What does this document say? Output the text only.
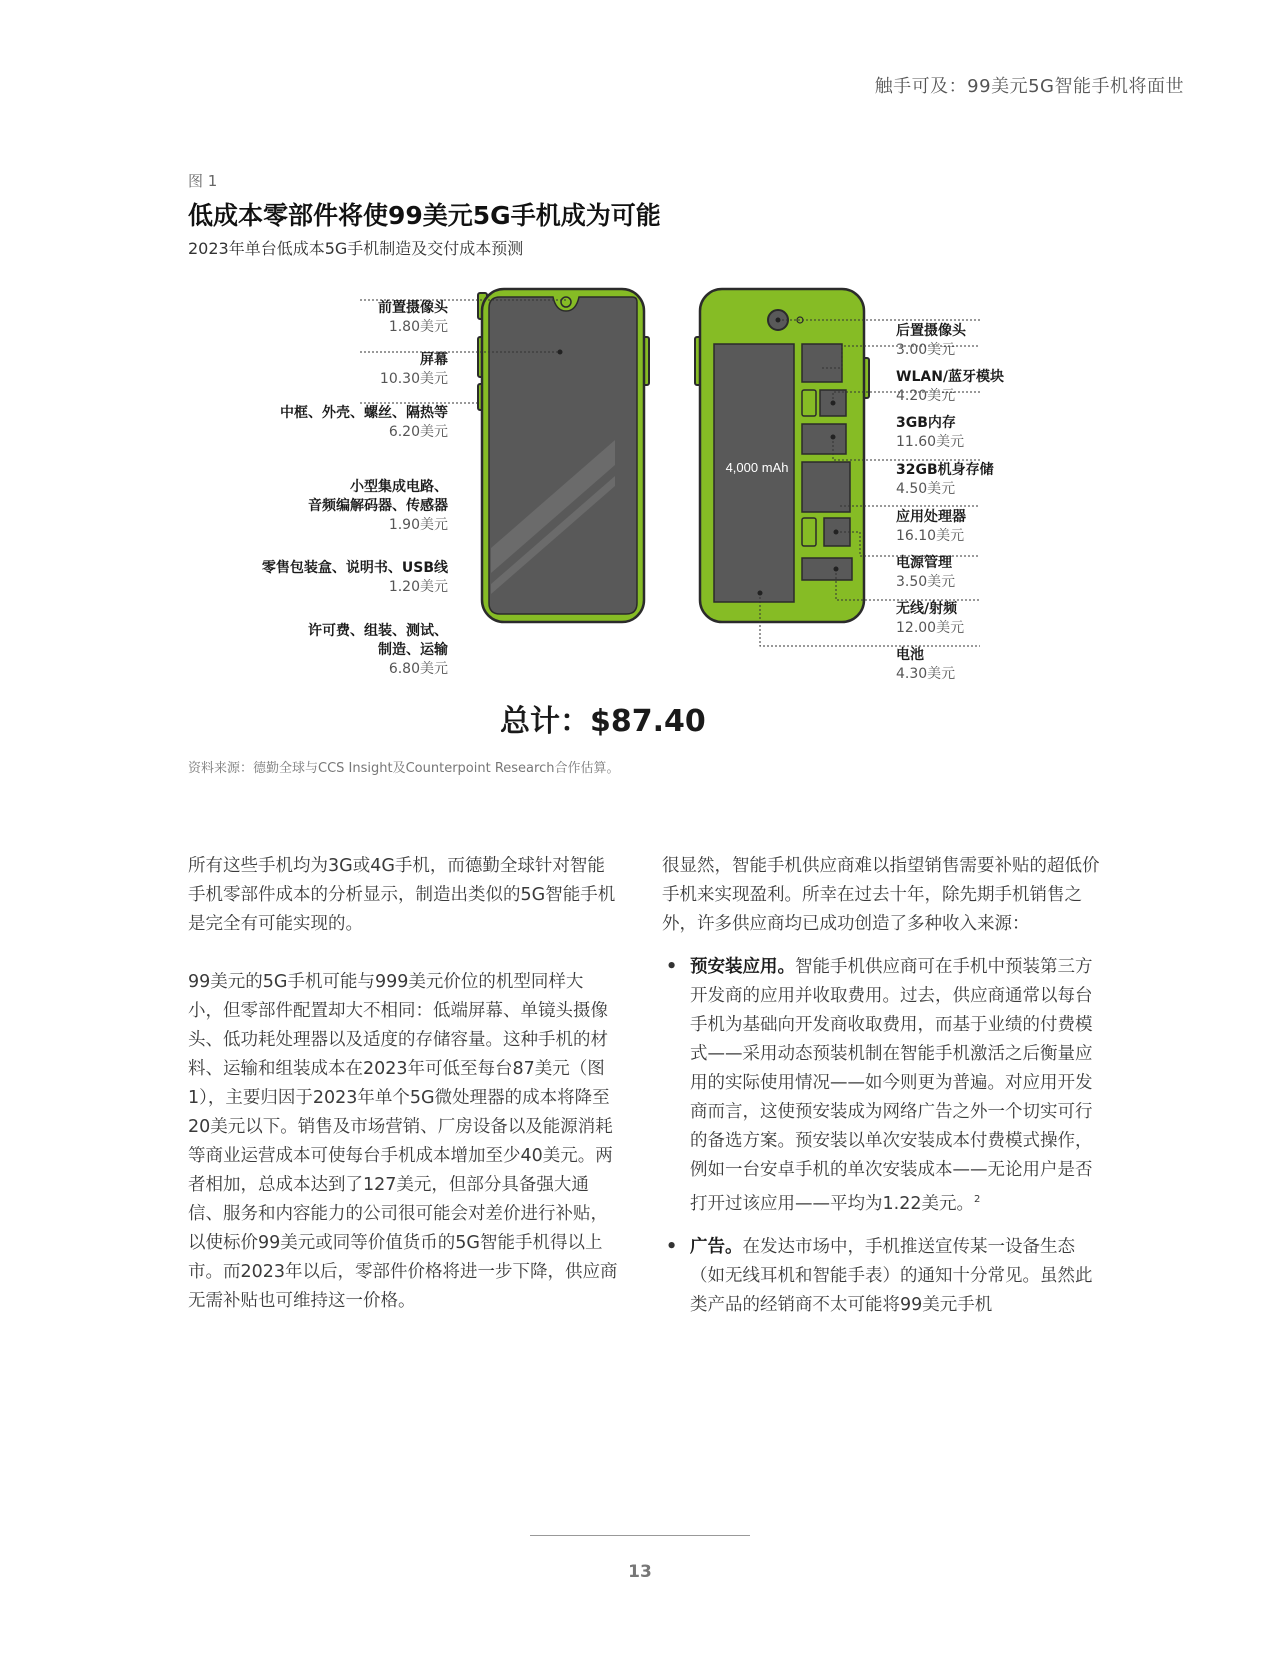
触手可及：99美元5G智能手机将面世
图 1
低成本零部件将使99美元5G手机成为可能
2023年单台低成本5G手机制造及交付成本预测
4,000 mAh
前置摄像头
1.80美元
屏幕
10.30美元
中框、外壳、螺丝、隔热等
6.20美元
小型集成电路、
音频编解码器、传感器
1.90美元
零售包装盒、说明书、USB线
1.20美元
许可费、组装、测试、
制造、运输
6.80美元
后置摄像头
3.00美元
WLAN/蓝牙模块
4.20美元
3GB内存
11.60美元
32GB机身存储
4.50美元
应用处理器
16.10美元
电源管理
3.50美元
无线/射频
12.00美元
电池
4.30美元
总计：$87.40
资料来源：德勤全球与CCS Insight及Counterpoint Research合作估算。

所有这些手机均为3G或4G手机，而德勤全球针对智能手机零部件成本的分析显示，制造出类似的5G智能手机是完全有可能实现的。

99美元的5G手机可能与999美元价位的机型同样大小，但零部件配置却大不相同：低端屏幕、单镜头摄像头、低功耗处理器以及适度的存储容量。这种手机的材料、运输和组装成本在2023年可低至每台87美元（图1），主要归因于2023年单个5G微处理器的成本将降至20美元以下。销售及市场营销、厂房设备以及能源消耗等商业运营成本可使每台手机成本增加至少40美元。两者相加，总成本达到了127美元，但部分具备强大通信、服务和内容能力的公司很可能会对差价进行补贴，以使标价99美元或同等价值货币的5G智能手机得以上市。而2023年以后，零部件价格将进一步下降，供应商无需补贴也可维持这一价格。

很显然，智能手机供应商难以指望销售需要补贴的超低价手机来实现盈利。所幸在过去十年，除先期手机销售之外，许多供应商均已成功创造了多种收入来源：

• 预安装应用。智能手机供应商可在手机中预装第三方开发商的应用并收取费用。过去，供应商通常以每台手机为基础向开发商收取费用，而基于业绩的付费模式——采用动态预装机制在智能手机激活之后衡量应用的实际使用情况——如今则更为普遍。对应用开发商而言，这使预安装成为网络广告之外一个切实可行的备选方案。预安装以单次安装成本付费模式操作，例如一台安卓手机的单次安装成本——无论用户是否打开过该应用——平均为1.22美元。$^2$
• 广告。在发达市场中，手机推送宣传某一设备生态（如无线耳机和智能手表）的通知十分常见。虽然此类产品的经销商不太可能将99美元手机
13
